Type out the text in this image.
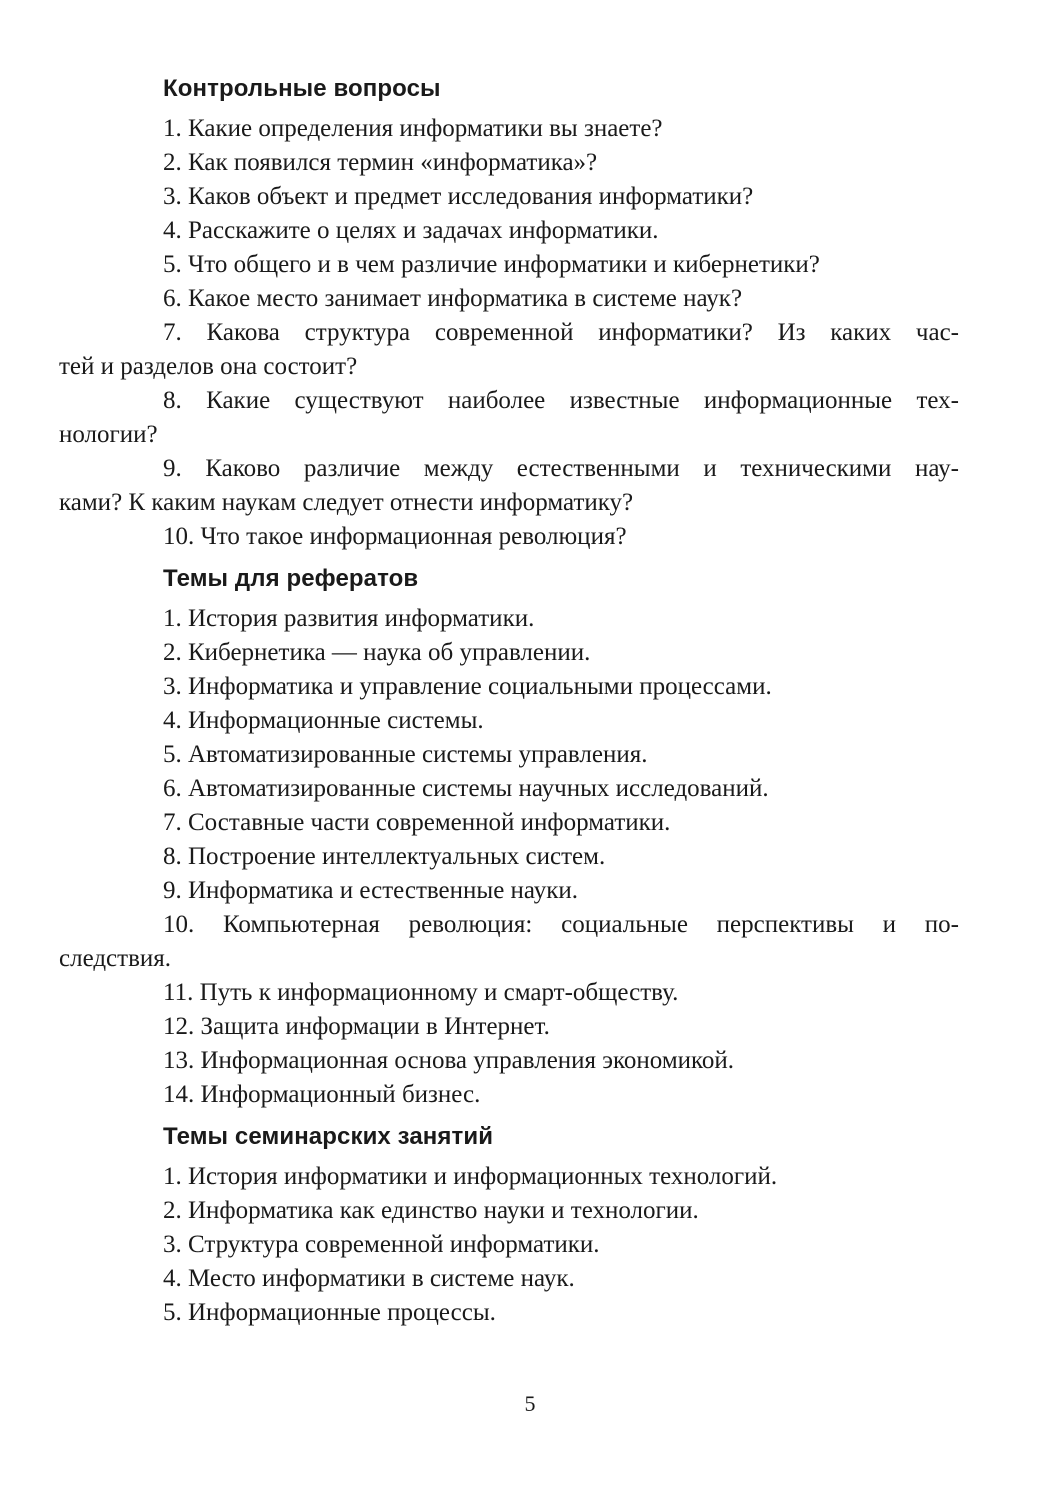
Контрольные вопросы
1. Какие определения информатики вы знаете?
2. Как появился термин «информатика»?
3. Каков объект и предмет исследования информатики?
4. Расскажите о целях и задачах информатики.
5. Что общего и в чем различие информатики и кибернетики?
6. Какое место занимает информатика в системе наук?
7. Какова структура современной информатики? Из каких час-
тей и разделов она состоит?
8. Какие существуют наиболее известные информационные тех-
нологии?
9. Каково различие между естественными и техническими нау-
ками? К каким наукам следует отнести информатику?
10. Что такое информационная революция?
Темы для рефератов
1. История развития информатики.
2. Кибернетика — наука об управлении.
3. Информатика и управление социальными процессами.
4. Информационные системы.
5. Автоматизированные системы управления.
6. Автоматизированные системы научных исследований.
7. Составные части современной информатики.
8. Построение интеллектуальных систем.
9. Информатика и естественные науки.
10. Компьютерная революция: социальные перспективы и по-
следствия.
11. Путь к информационному и смарт-обществу.
12. Защита информации в Интернет.
13. Информационная основа управления экономикой.
14. Информационный бизнес.
Темы семинарских занятий
1. История информатики и информационных технологий.
2. Информатика как единство науки и технологии.
3. Структура современной информатики.
4. Место информатики в системе наук.
5. Информационные процессы.
5
